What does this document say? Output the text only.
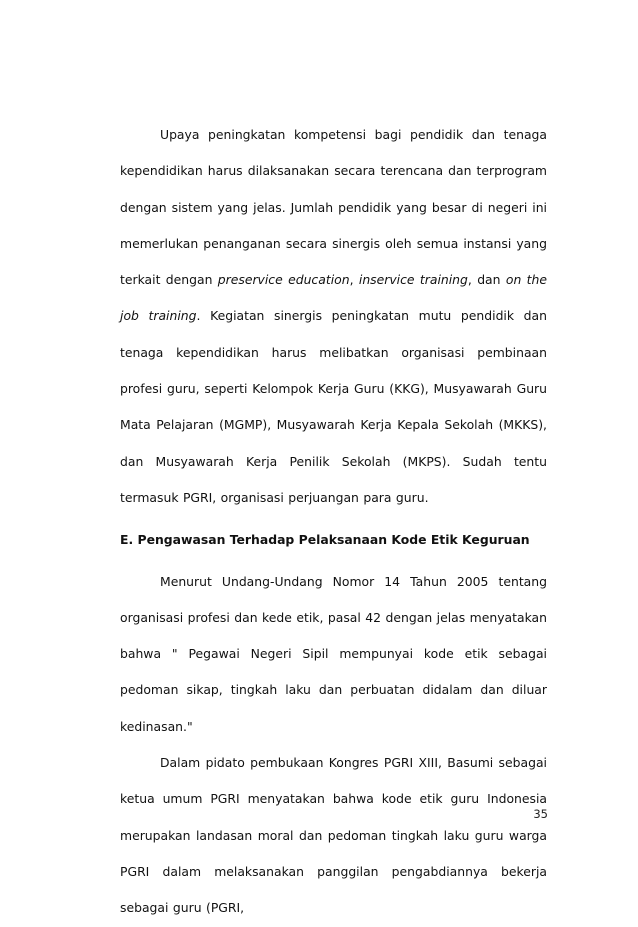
Upaya peningkatan kompetensi bagi pendidik dan tenaga kependidikan harus dilaksanakan secara terencana dan terprogram dengan sistem yang jelas. Jumlah pendidik yang besar di negeri ini memerlukan penanganan secara sinergis oleh semua instansi yang terkait dengan preservice education, inservice training, dan on the job training. Kegiatan sinergis peningkatan mutu pendidik dan tenaga kependidikan harus melibatkan organisasi pembinaan profesi guru, seperti Kelompok Kerja Guru (KKG), Musyawarah Guru Mata Pelajaran (MGMP), Musyawarah Kerja Kepala Sekolah (MKKS), dan Musyawarah Kerja Penilik Sekolah (MKPS). Sudah tentu termasuk PGRI, organisasi perjuangan para guru.

E. Pengawasan Terhadap Pelaksanaan Kode Etik Keguruan

Menurut Undang-Undang Nomor 14 Tahun 2005 tentang organisasi profesi dan kede etik, pasal 42 dengan jelas menyatakan bahwa " Pegawai Negeri Sipil mempunyai kode etik sebagai pedoman sikap, tingkah laku dan perbuatan didalam dan diluar kedinasan."

Dalam pidato pembukaan Kongres PGRI XIII, Basumi sebagai ketua umum PGRI menyatakan bahwa kode etik guru Indonesia merupakan landasan moral dan pedoman tingkah laku guru warga PGRI dalam melaksanakan panggilan pengabdiannya bekerja sebagai guru (PGRI,

35
